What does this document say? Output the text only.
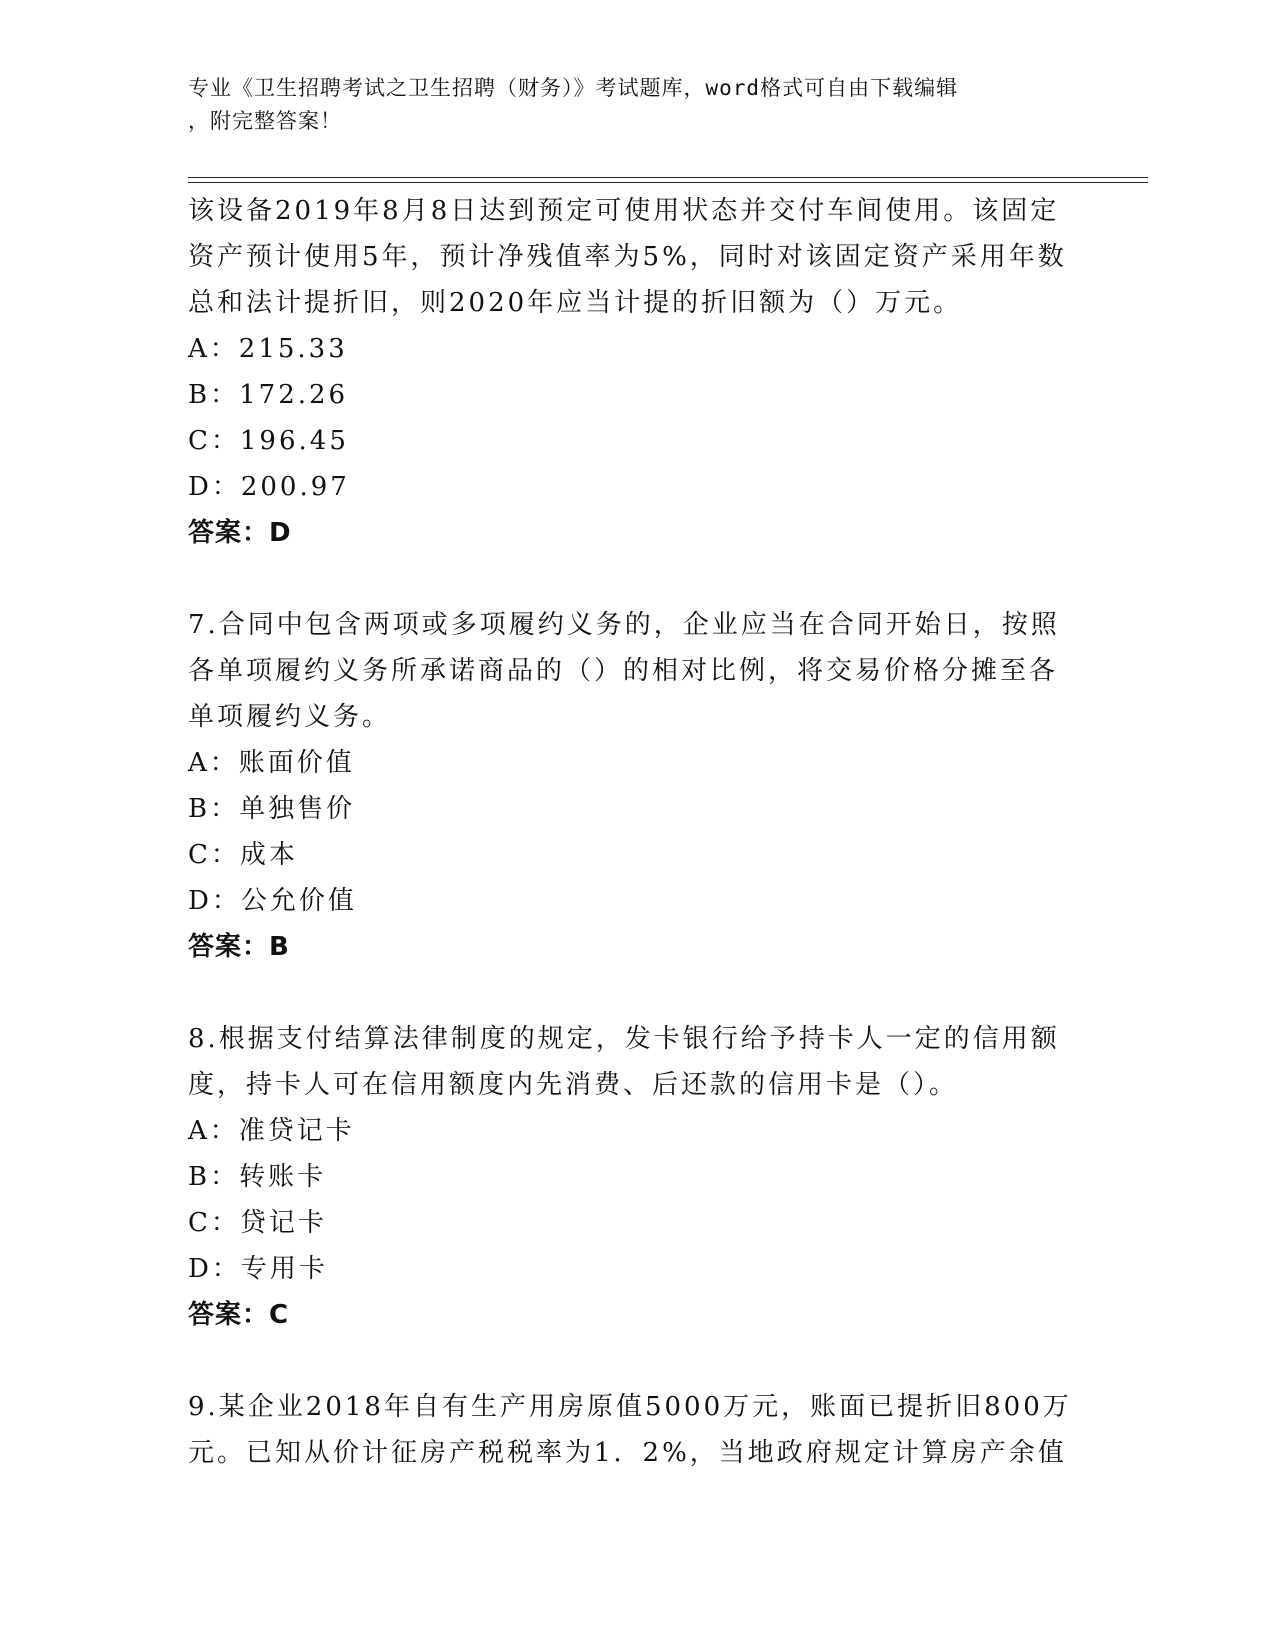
专业《卫生招聘考试之卫生招聘（财务）》考试题库，word格式可自由下载编辑
，附完整答案！
该设备2019年8月8日达到预定可使用状态并交付车间使用。该固定
资产预计使用5年，预计净残值率为5%，同时对该固定资产采用年数
总和法计提折旧，则2020年应当计提的折旧额为（）万元。
A：215.33
B：172.26
C：196.45
D：200.97
答案：D
7.合同中包含两项或多项履约义务的，企业应当在合同开始日，按照
各单项履约义务所承诺商品的（）的相对比例，将交易价格分摊至各
单项履约义务。
A：账面价值
B：单独售价
C：成本
D：公允价值
答案：B
8.根据支付结算法律制度的规定，发卡银行给予持卡人一定的信用额
度，持卡人可在信用额度内先消费、后还款的信用卡是（）。
A：准贷记卡
B：转账卡
C：贷记卡
D：专用卡
答案：C
9.某企业2018年自有生产用房原值5000万元，账面已提折旧800万
元。已知从价计征房产税税率为1．2%，当地政府规定计算房产余值
